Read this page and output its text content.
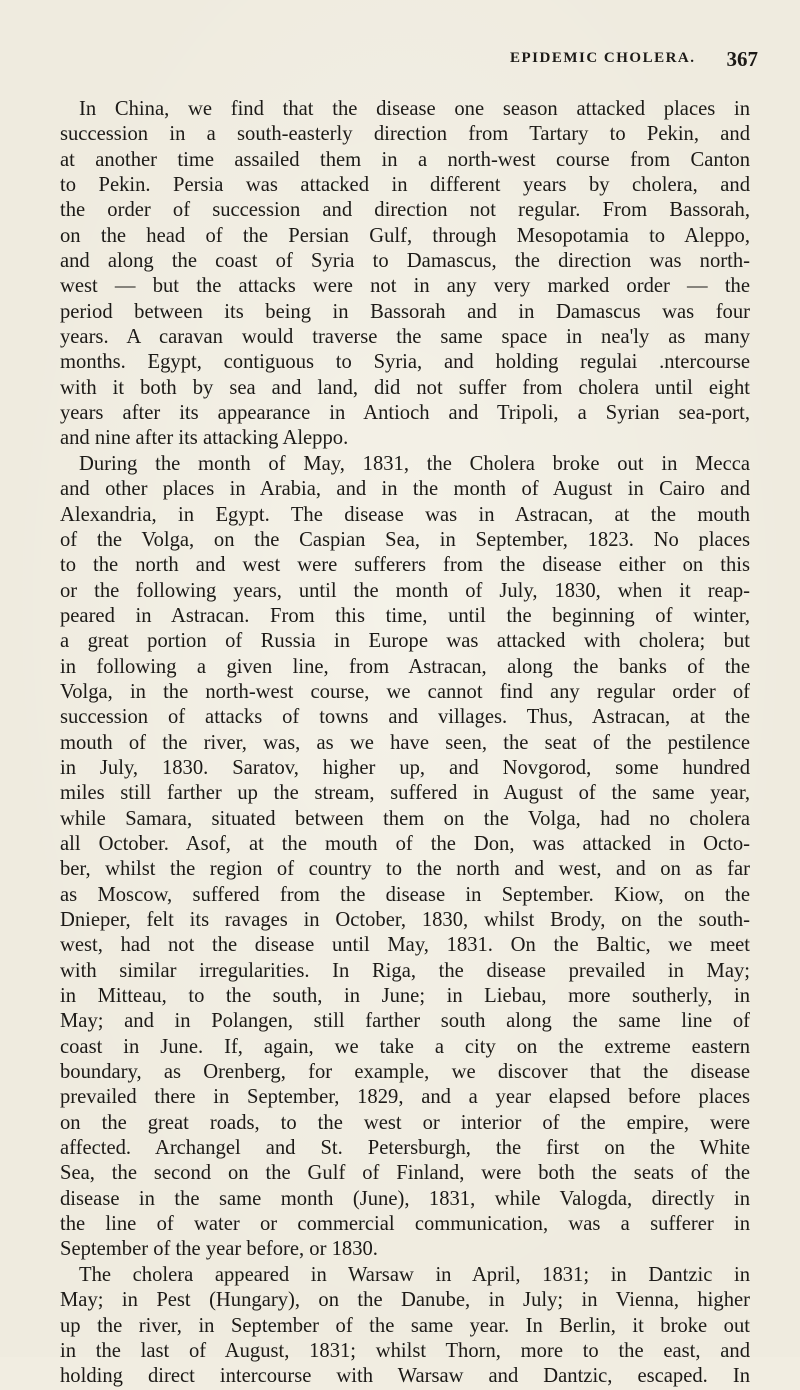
EPIDEMIC CHOLERA.	367
In China, we find that the disease one season attacked places in
succession in a south-easterly direction from Tartary to Pekin, and
at another time assailed them in a north-west course from Canton
to Pekin. Persia was attacked in different years by cholera, and
the order of succession and direction not regular. From Bassorah,
on the head of the Persian Gulf, through Mesopotamia to Aleppo,
and along the coast of Syria to Damascus, the direction was north-
west — but the attacks were not in any very marked order — the
period between its being in Bassorah and in Damascus was four
years. A caravan would traverse the same space in nea'ly as many
months. Egypt, contiguous to Syria, and holding regulai .ntercourse
with it both by sea and land, did not suffer from cholera until eight
years after its appearance in Antioch and Tripoli, a Syrian sea-port,
and nine after its attacking Aleppo.
During the month of May, 1831, the Cholera broke out in Mecca
and other places in Arabia, and in the month of August in Cairo and
Alexandria, in Egypt. The disease was in Astracan, at the mouth
of the Volga, on the Caspian Sea, in September, 1823. No places
to the north and west were sufferers from the disease either on this
or the following years, until the month of July, 1830, when it reap-
peared in Astracan. From this time, until the beginning of winter,
a great portion of Russia in Europe was attacked with cholera; but
in following a given line, from Astracan, along the banks of the
Volga, in the north-west course, we cannot find any regular order of
succession of attacks of towns and villages. Thus, Astracan, at the
mouth of the river, was, as we have seen, the seat of the pestilence
in July, 1830. Saratov, higher up, and Novgorod, some hundred
miles still farther up the stream, suffered in August of the same year,
while Samara, situated between them on the Volga, had no cholera
all October. Asof, at the mouth of the Don, was attacked in Octo-
ber, whilst the region of country to the north and west, and on as far
as Moscow, suffered from the disease in September. Kiow, on the
Dnieper, felt its ravages in October, 1830, whilst Brody, on the south-
west, had not the disease until May, 1831. On the Baltic, we meet
with similar irregularities. In Riga, the disease prevailed in May;
in Mitteau, to the south, in June; in Liebau, more southerly, in
May; and in Polangen, still farther south along the same line of
coast in June. If, again, we take a city on the extreme eastern
boundary, as Orenberg, for example, we discover that the disease
prevailed there in September, 1829, and a year elapsed before places
on the great roads, to the west or interior of the empire, were
affected. Archangel and St. Petersburgh, the first on the White
Sea, the second on the Gulf of Finland, were both the seats of the
disease in the same month (June), 1831, while Valogda, directly in
the line of water or commercial communication, was a sufferer in
September of the year before, or 1830.
The cholera appeared in Warsaw in April, 1831; in Dantzic in
May; in Pest (Hungary), on the Danube, in July; in Vienna, higher
up the river, in September of the same year. In Berlin, it broke out
in the last of August, 1831; whilst Thorn, more to the east, and
holding direct intercourse with Warsaw and Dantzic, escaped. In
